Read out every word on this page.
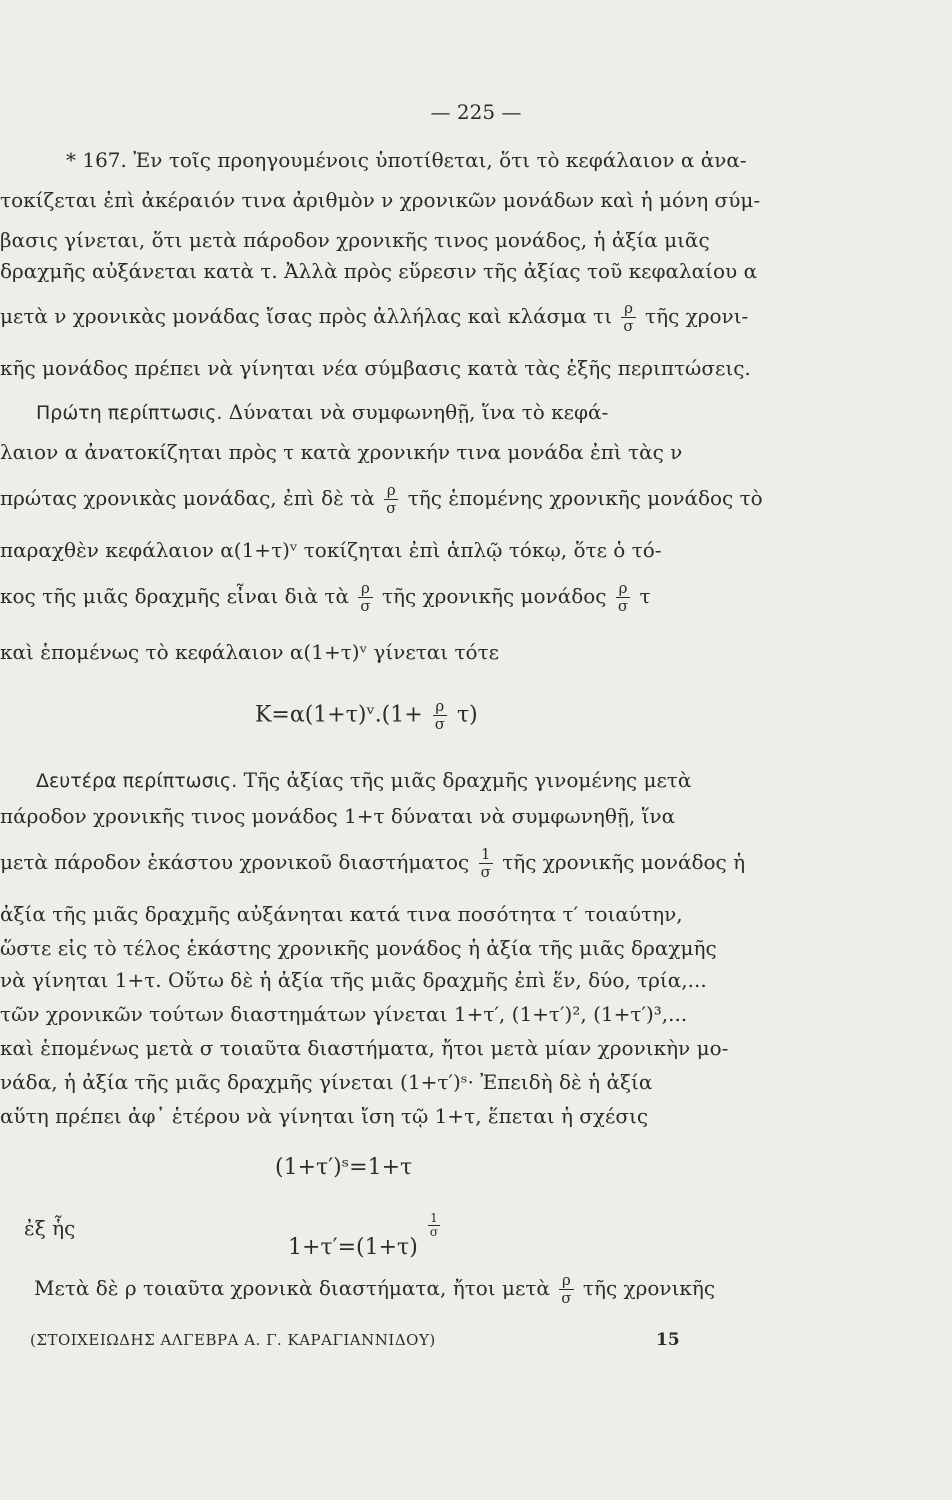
— 225 —
* 167. Ἐν τοῖς προηγουμένοις ὑποτίθεται, ὅτι τὸ κεφάλαιον α ἀνα-
τοκίζεται ἐπὶ ἀκέραιόν τινα ἀριθμὸν ν χρονικῶν μονάδων καὶ ἡ μόνη σύμ-
βασις γίνεται, ὅτι μετὰ πάροδον χρονικῆς τινος μονάδος, ἡ ἀξία μιᾶς
δραχμῆς αὐξάνεται κατὰ τ. Ἀλλὰ πρὸς εὕρεσιν τῆς ἀξίας τοῦ κεφαλαίου α
μετὰ ν χρονικὰς μονάδας ἴσας πρὸς ἀλλήλας καὶ κλάσμα τι $\frac{\rho}{\sigma}$ τῆς χρονι-
κῆς μονάδος πρέπει νὰ γίνηται νέα σύμβασις κατὰ τὰς ἑξῆς περιπτώσεις.
Πρώτη περίπτωσις. Δύναται νὰ συμφωνηθῇ, ἵνα τὸ κεφά-
λαιον α ἀνατοκίζηται πρὸς τ κατὰ χρονικήν τινα μονάδα ἐπὶ τὰς ν
πρώτας χρονικὰς μονάδας, ἐπὶ δὲ τὰ $\frac{\rho}{\sigma}$ τῆς ἑπομένης χρονικῆς μονάδος τὸ
παραχθὲν κεφάλαιον α(1+τ)ᵛ τοκίζηται ἐπὶ ἁπλῷ τόκῳ, ὅτε ὁ τό-
κος τῆς μιᾶς δραχμῆς εἶναι διὰ τὰ $\frac{\rho}{\sigma}$ τῆς χρονικῆς μονάδος $\frac{\rho}{\sigma}$ τ
καὶ ἑπομένως τὸ κεφάλαιον α(1+τ)ᵛ γίνεται τότε
Κ=α(1+τ)ᵛ.(1+ $\frac{\rho}{\sigma} \tau$)
Δευτέρα περίπτωσις. Τῆς ἀξίας τῆς μιᾶς δραχμῆς γινομένης μετὰ
πάροδον χρονικῆς τινος μονάδος 1+τ δύναται νὰ συμφωνηθῇ, ἵνα
μετὰ πάροδον ἑκάστου χρονικοῦ διαστήματος $\frac{1}{\sigma}$ τῆς χρονικῆς μονάδος ἡ
ἀξία τῆς μιᾶς δραχμῆς αὐξάνηται κατά τινα ποσότητα τ′ τοιαύτην,
ὥστε εἰς τὸ τέλος ἑκάστης χρονικῆς μονάδος ἡ ἀξία τῆς μιᾶς δραχμῆς
νὰ γίνηται 1+τ. Οὕτω δὲ ἡ ἀξία τῆς μιᾶς δραχμῆς ἐπὶ ἕν, δύο, τρία,...
τῶν χρονικῶν τούτων διαστημάτων γίνεται 1+τ′, (1+τ′)², (1+τ′)³,...
καὶ ἑπομένως μετὰ σ τοιαῦτα διαστήματα, ἤτοι μετὰ μίαν χρονικὴν μο-
νάδα, ἡ ἀξία τῆς μιᾶς δραχμῆς γίνεται (1+τ′)ˢ· Ἐπειδὴ δὲ ἡ ἀξία
αὕτη πρέπει ἀφ᾽ ἑτέρου νὰ γίνηται ἴση τῷ 1+τ, ἕπεται ἡ σχέσις
(1+τ′)ˢ=1+τ
ἐξ ἧς
1+τ′=(1+τ)
$\frac{1}{\sigma}$
Μετὰ δὲ ρ τοιαῦτα χρονικὰ διαστήματα, ἤτοι μετὰ $\frac{\rho}{\sigma}$ τῆς χρονικῆς
(ΣΤΟΙΧΕΙΩΔΗΣ ΑΛΓΕΒΡΑ Α. Γ. ΚΑΡΑΓΙΑΝΝΙΔΟΥ)	15
